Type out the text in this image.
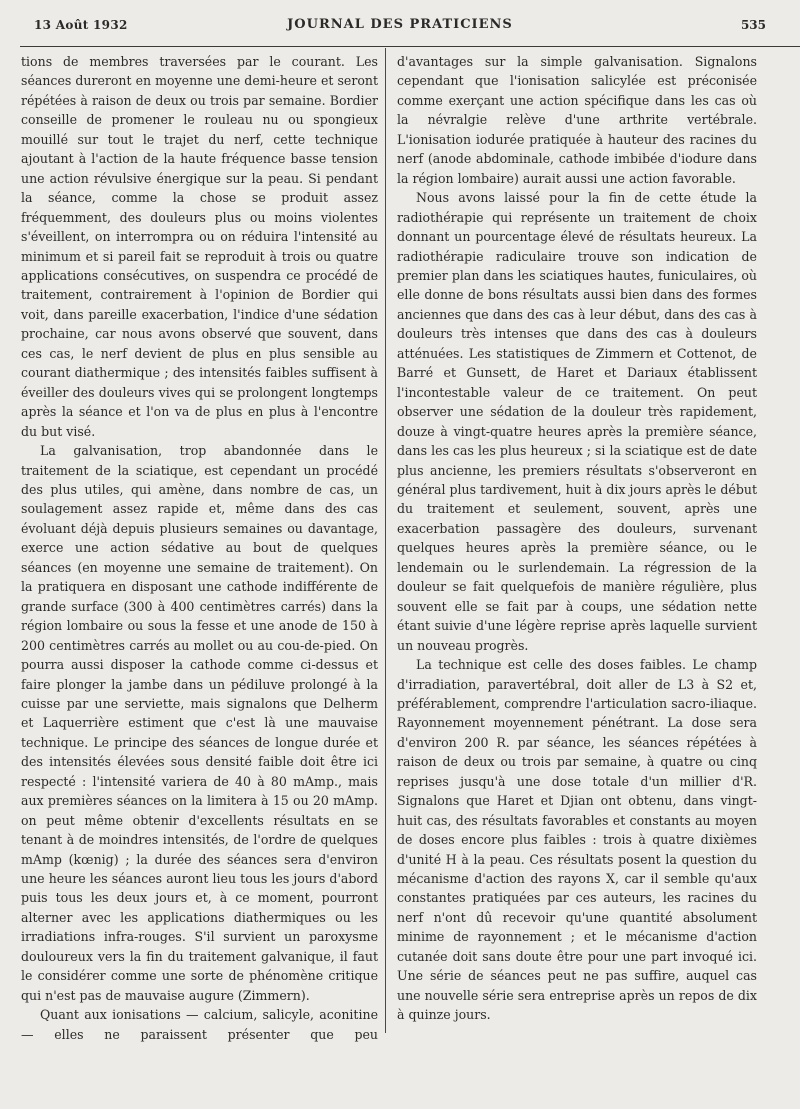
13 Août 1932	JOURNAL DES PRATICIENS	535

tions de membres traversées par le courant. Les séances dureront en moyenne une demi-heure et seront répétées à raison de deux ou trois par semaine. Bordier conseille de promener le rouleau nu ou spongieux mouillé sur tout le trajet du nerf, cette technique ajoutant à l'action de la haute fréquence basse tension une action révulsive énergique sur la peau. Si pendant la séance, comme la chose se produit assez fréquemment, des douleurs plus ou moins violentes s'éveillent, on interrompra ou on réduira l'intensité au minimum et si pareil fait se reproduit à trois ou quatre applications consécutives, on suspendra ce procédé de traitement, contrairement à l'opinion de Bordier qui voit, dans pareille exacerbation, l'indice d'une sédation prochaine, car nous avons observé que souvent, dans ces cas, le nerf devient de plus en plus sensible au courant diathermique ; des intensités faibles suffisent à éveiller des douleurs vives qui se prolongent longtemps après la séance et l'on va de plus en plus à l'encontre du but visé.

La galvanisation, trop abandonnée dans le traitement de la sciatique, est cependant un procédé des plus utiles, qui amène, dans nombre de cas, un soulagement assez rapide et, même dans des cas évoluant déjà depuis plusieurs semaines ou davantage, exerce une action sédative au bout de quelques séances (en moyenne une semaine de traitement). On la pratiquera en disposant une cathode indifférente de grande surface (300 à 400 centimètres carrés) dans la région lombaire ou sous la fesse et une anode de 150 à 200 centimètres carrés au mollet ou au cou-de-pied. On pourra aussi disposer la cathode comme ci-dessus et faire plonger la jambe dans un pédiluve prolongé à la cuisse par une serviette, mais signalons que Delherm et Laquerrière estiment que c'est là une mauvaise technique. Le principe des séances de longue durée et des intensités élevées sous densité faible doit être ici respecté : l'intensité variera de 40 à 80 mAmp., mais aux premières séances on la limitera à 15 ou 20 mAmp. on peut même obtenir d'excellents résultats en se tenant à de moindres intensités, de l'ordre de quelques mAmp (kœnig) ; la durée des séances sera d'environ une heure les séances auront lieu tous les jours d'abord puis tous les deux jours et, à ce moment, pourront alterner avec les applications diathermiques ou les irradiations infra-rouges. S'il survient un paroxysme douloureux vers la fin du traitement galvanique, il faut le considérer comme une sorte de phénomène critique qui n'est pas de mauvaise augure (Zimmern).

Quant aux ionisations — calcium, salicyle, aconitine — elles ne paraissent présenter que peu

d'avantages sur la simple galvanisation. Signalons cependant que l'ionisation salicylée est préconisée comme exerçant une action spécifique dans les cas où la névralgie relève d'une arthrite vertébrale. L'ionisation iodurée pratiquée à hauteur des racines du nerf (anode abdominale, cathode imbibée d'iodure dans la région lombaire) aurait aussi une action favorable.

Nous avons laissé pour la fin de cette étude la radiothérapie qui représente un traitement de choix donnant un pourcentage élevé de résultats heureux. La radiothérapie radiculaire trouve son indication de premier plan dans les sciatiques hautes, funiculaires, où elle donne de bons résultats aussi bien dans des formes anciennes que dans des cas à leur début, dans des cas à douleurs très intenses que dans des cas à douleurs atténuées. Les statistiques de Zimmern et Cottenot, de Barré et Gunsett, de Haret et Dariaux établissent l'incontestable valeur de ce traitement. On peut observer une sédation de la douleur très rapidement, douze à vingt-quatre heures après la première séance, dans les cas les plus heureux ; si la sciatique est de date plus ancienne, les premiers résultats s'observeront en général plus tardivement, huit à dix jours après le début du traitement et seulement, souvent, après une exacerbation passagère des douleurs, survenant quelques heures après la première séance, ou le lendemain ou le surlendemain. La régression de la douleur se fait quelquefois de manière régulière, plus souvent elle se fait par à coups, une sédation nette étant suivie d'une légère reprise après laquelle survient un nouveau progrès.

La technique est celle des doses faibles. Le champ d'irradiation, paravertébral, doit aller de L3 à S2 et, préférablement, comprendre l'articulation sacro-iliaque. Rayonnement moyennement pénétrant. La dose sera d'environ 200 R. par séance, les séances répétées à raison de deux ou trois par semaine, à quatre ou cinq reprises jusqu'à une dose totale d'un millier d'R. Signalons que Haret et Djian ont obtenu, dans vingt-huit cas, des résultats favorables et constants au moyen de doses encore plus faibles : trois à quatre dixièmes d'unité H à la peau. Ces résultats posent la question du mécanisme d'action des rayons X, car il semble qu'aux constantes pratiquées par ces auteurs, les racines du nerf n'ont dû recevoir qu'une quantité absolument minime de rayonnement ; et le mécanisme d'action cutanée doit sans doute être pour une part invoqué ici. Une série de séances peut ne pas suffire, auquel cas une nouvelle série sera entreprise après un repos de dix à quinze jours.
